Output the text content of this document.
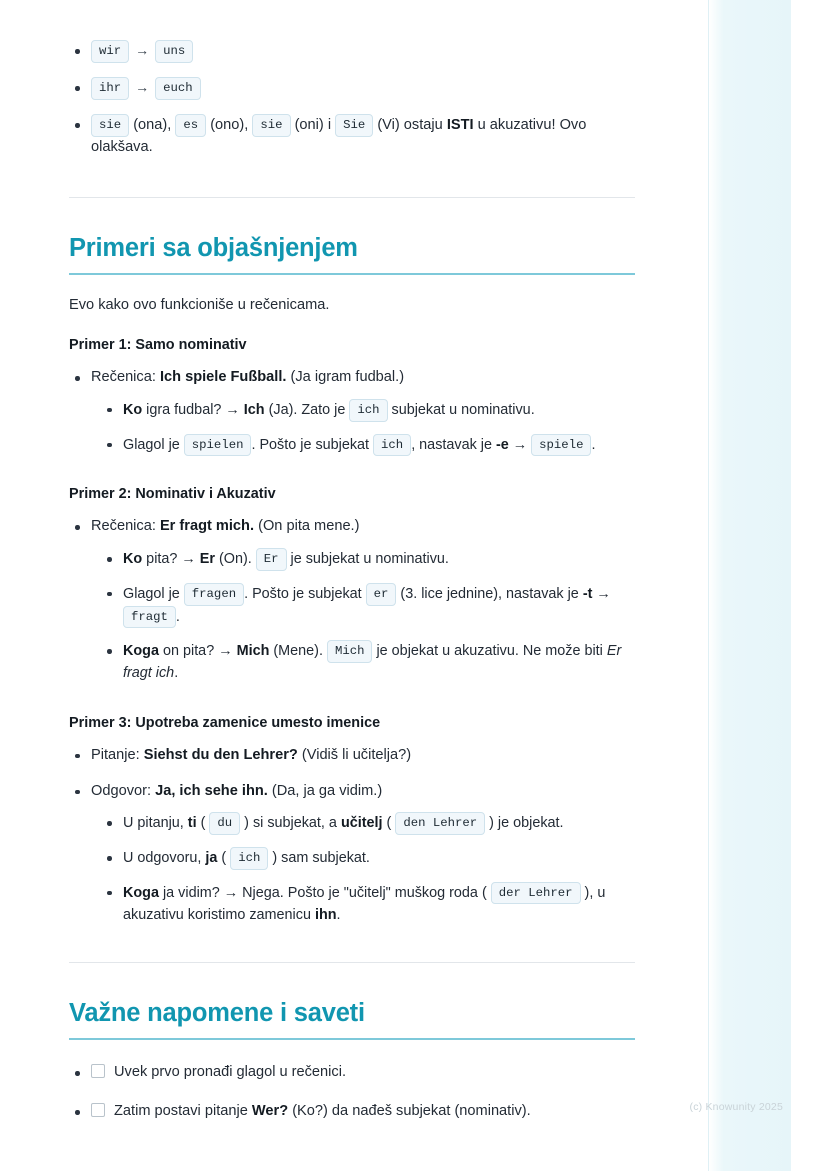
(c) Knowunity 2025
wir → uns
ihr → euch
sie (ona), es (ono), sie (oni) i Sie (Vi) ostaju ISTI u akuzativu! Ovo olakšava.
Primeri sa objašnjenjem

Evo kako ovo funkcioniše u rečenicama.

Primer 1: Samo nominativ
Rečenica: Ich spiele Fußball. (Ja igram fudbal.)
Ko igra fudbal? → Ich (Ja). Zato je ich subjekat u nominativu.
Glagol je spielen . Pošto je subjekat ich , nastavak je -e → spiele .
Primer 2: Nominativ i Akuzativ
Rečenica: Er fragt mich. (On pita mene.)
Ko pita? → Er (On). Er je subjekat u nominativu.
Glagol je fragen . Pošto je subjekat er (3. lice jednine), nastavak je -t → fragt .
Koga on pita? → Mich (Mene). Mich je objekat u akuzativu. Ne može biti Er fragt ich.
Primer 3: Upotreba zamenice umesto imenice
Pitanje: Siehst du den Lehrer? (Vidiš li učitelja?)
Odgovor: Ja, ich sehe ihn. (Da, ja ga vidim.)
U pitanju, ti ( du ) si subjekat, a učitelj ( den Lehrer ) je objekat.
U odgovoru, ja ( ich ) sam subjekat.
Koga ja vidim? → Njega. Pošto je "učitelj" muškog roda ( der Lehrer ), u akuzativu koristimo zamenicu ihn.
Važne napomene i saveti
Uvek prvo pronađi glagol u rečenici.
Zatim postavi pitanje Wer? (Ko?) da nađeš subjekat (nominativ).
